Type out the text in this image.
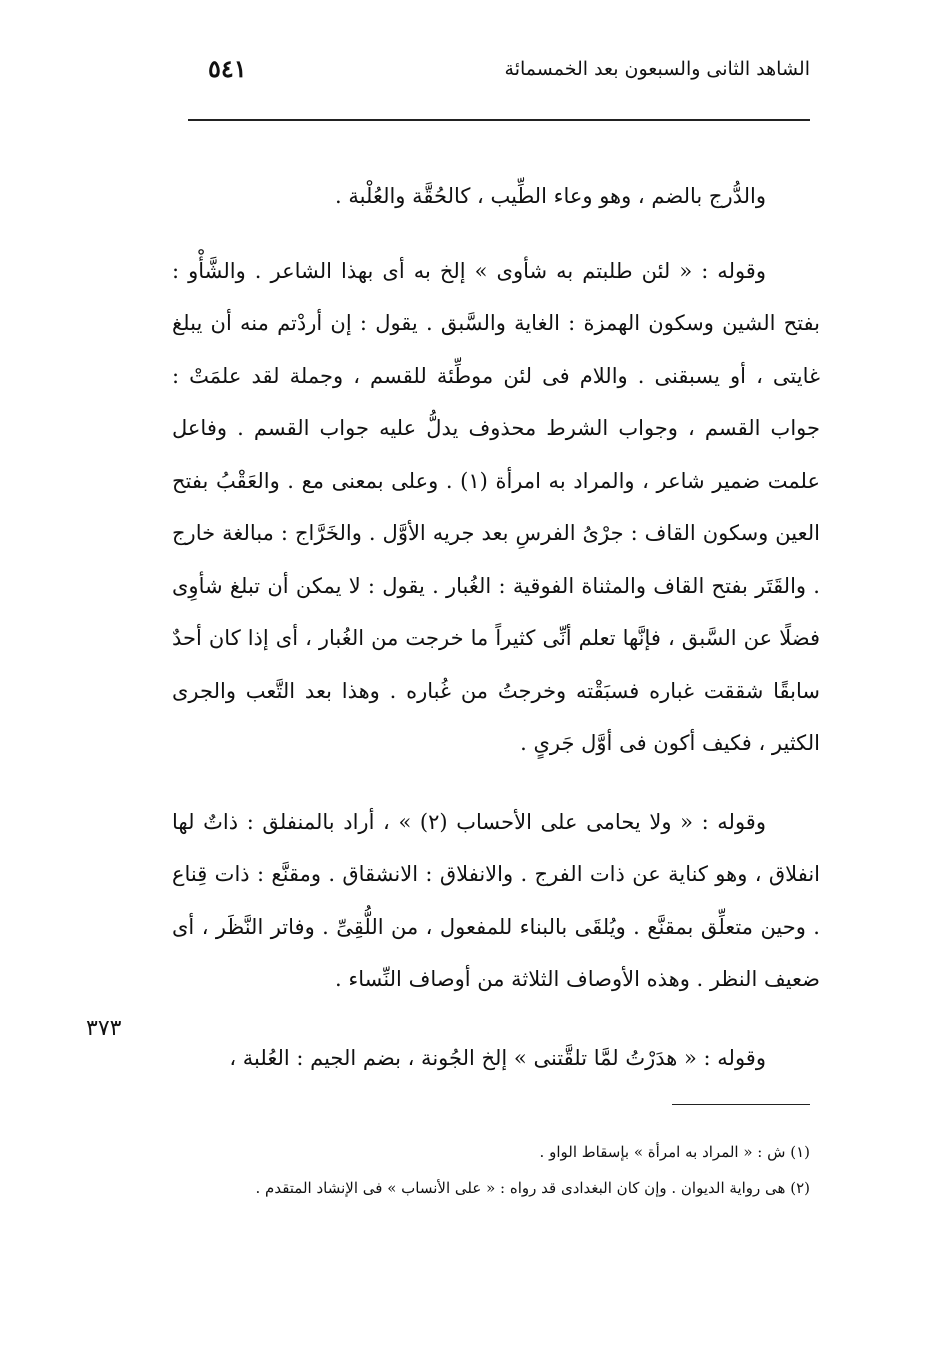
الشاهد الثانى والسبعون بعد الخمسمائة
٥٤١

والدُّرج بالضم ، وهو وعاء الطِّيب ، كالحُقَّة والعُلْبة .

وقوله : « لئن طلبتم به شأوى » إلخ به أى بهذا الشاعر . والشَّأْو : بفتح الشين وسكون الهمزة : الغاية والسَّبق . يقول : إن أردْتم منه أن يبلغ غايتى ، أو يسبقنى . واللام فى لئن موطِّئة للقسم ، وجملة لقد علمَتْ : جواب القسم ، وجواب الشرط محذوف يدلُّ عليه جواب القسم . وفاعل علمت ضمير شاعر ، والمراد به امرأة (١) . وعلى بمعنى مع . والعَقْبُ بفتح العين وسكون القاف : جرْىُ الفرسِ بعد جريه الأوَّل . والخَرَّاج : مبالغة خارج . والقَتَر بفتح القاف والمثناة الفوقية : الغُبار . يقول : لا يمكن أن تبلغ شأوِى فضلًا عن السَّبق ، فإنَّها تعلم أنِّى كثيراً ما خرجت من الغُبار ، أى إذا كان أحدٌ سابقًا شققت غباره فسبَقْته وخرجتُ من غُباره . وهذا بعد التَّعب والجرى الكثير ، فكيف أكون فى أوَّل جَرىٍ .

وقوله : « ولا يحامى على الأحساب (٢) » ، أراد بالمنفلق : ذاتٌ لها انفلاق ، وهو كناية عن ذات الفرج . والانفلاق : الانشقاق . ومقنَّع : ذات قِناع . وحين متعلِّق بمقنَّع . ويُلقَى بالبناء للمفعول ، من اللُّقِىِّ . وفاتر النَّظَر ، أى ضعيف النظر . وهذه الأوصاف الثلاثة من أوصاف النِّساء .

وقوله : « هدَرْتُ لمَّا تلقَّتنى » إلخ الجُونة ، بضم الجيم : العُلبة ،

٣٧٣

(١) ش : « المراد به امرأة » بإسقاط الواو .

(٢) هى رواية الديوان . وإن كان البغدادى قد رواه : « على الأنساب » فى الإنشاد المتقدم .
